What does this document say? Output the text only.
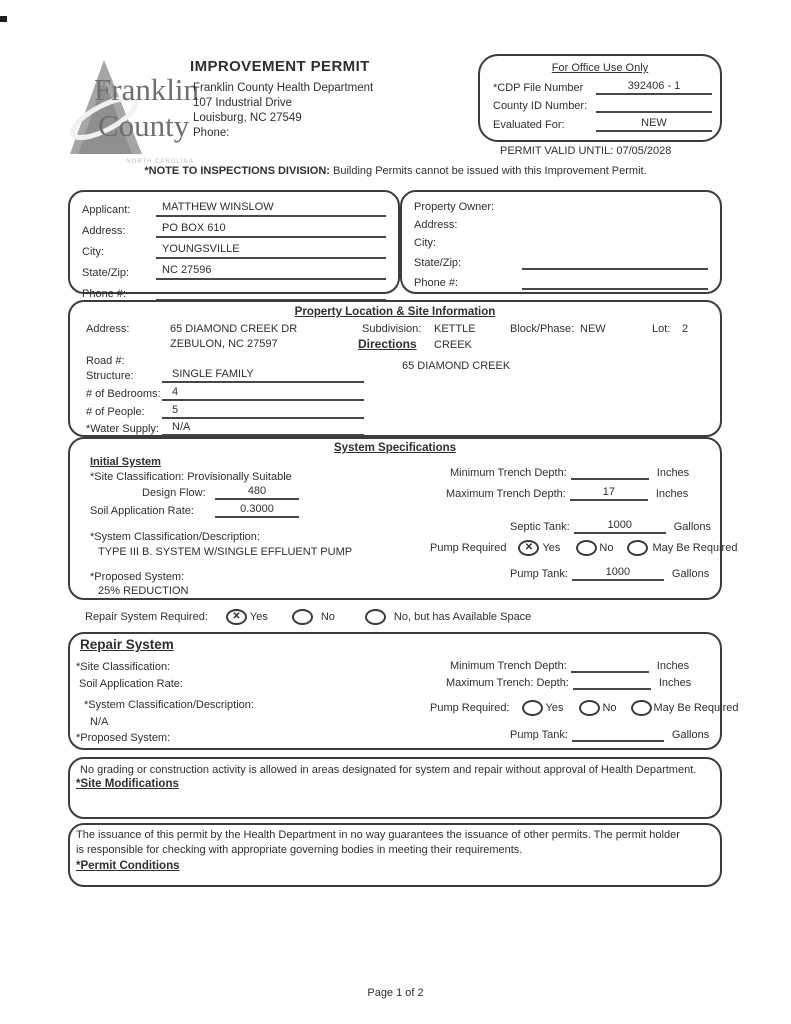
Franklin
County
NORTH CAROLINA
IMPROVEMENT PERMIT
Franklin County Health Department
107 Industrial Drive
Louisburg, NC 27549
Phone:
For Office Use Only
*CDP File Number	392406 - 1
County ID Number:
Evaluated For:	NEW
PERMIT VALID UNTIL: 07/05/2028
*NOTE TO INSPECTIONS DIVISION: Building Permits cannot be issued with this Improvement Permit.
Applicant:	MATTHEW WINSLOW
Address:	PO BOX 610
City:	YOUNGSVILLE
State/Zip:	NC 27596
Phone #:
Property Owner:
Address:
City:
State/Zip:
Phone #:
Property Location & Site Information
Address:	65 DIAMOND CREEK DR
ZEBULON, NC 27597
Subdivision: KETTLE
Directions CREEK
Block/Phase: NEW	Lot: 2
65 DIAMOND CREEK
Road #:
Structure:	SINGLE FAMILY
# of Bedrooms:	4
# of People:	5
*Water Supply:	N/A
System Specifications
Initial System
*Site Classification: Provisionally Suitable
Design Flow:	480
Soil Application Rate:	0.3000
Minimum Trench Depth:	Inches
Maximum Trench Depth:	17	Inches
Septic Tank:	1000	Gallons
Pump Required ✕	Yes	No	May Be Required
Pump Tank:	1000	Gallons
*System Classification/Description:
TYPE III B. SYSTEM W/SINGLE EFFLUENT PUMP
*Proposed System:
25% REDUCTION
Repair System Required: ✕	Yes	No	No, but has Available Space
Repair System
*Site Classification:
Soil Application Rate:
*System Classification/Description:
N/A
*Proposed System:
Minimum Trench Depth:	Inches
Maximum Trench: Depth:	Inches
Pump Required:	Yes	No	May Be Required
Pump Tank:	Gallons
No grading or construction activity is allowed in areas designated for system and repair without approval of Health Department.
*Site Modifications
The issuance of this permit by the Health Department in no way guarantees the issuance of other permits. The permit holder
is responsible for checking with appropriate governing bodies in meeting their requirements.
*Permit Conditions
Page 1 of 2
